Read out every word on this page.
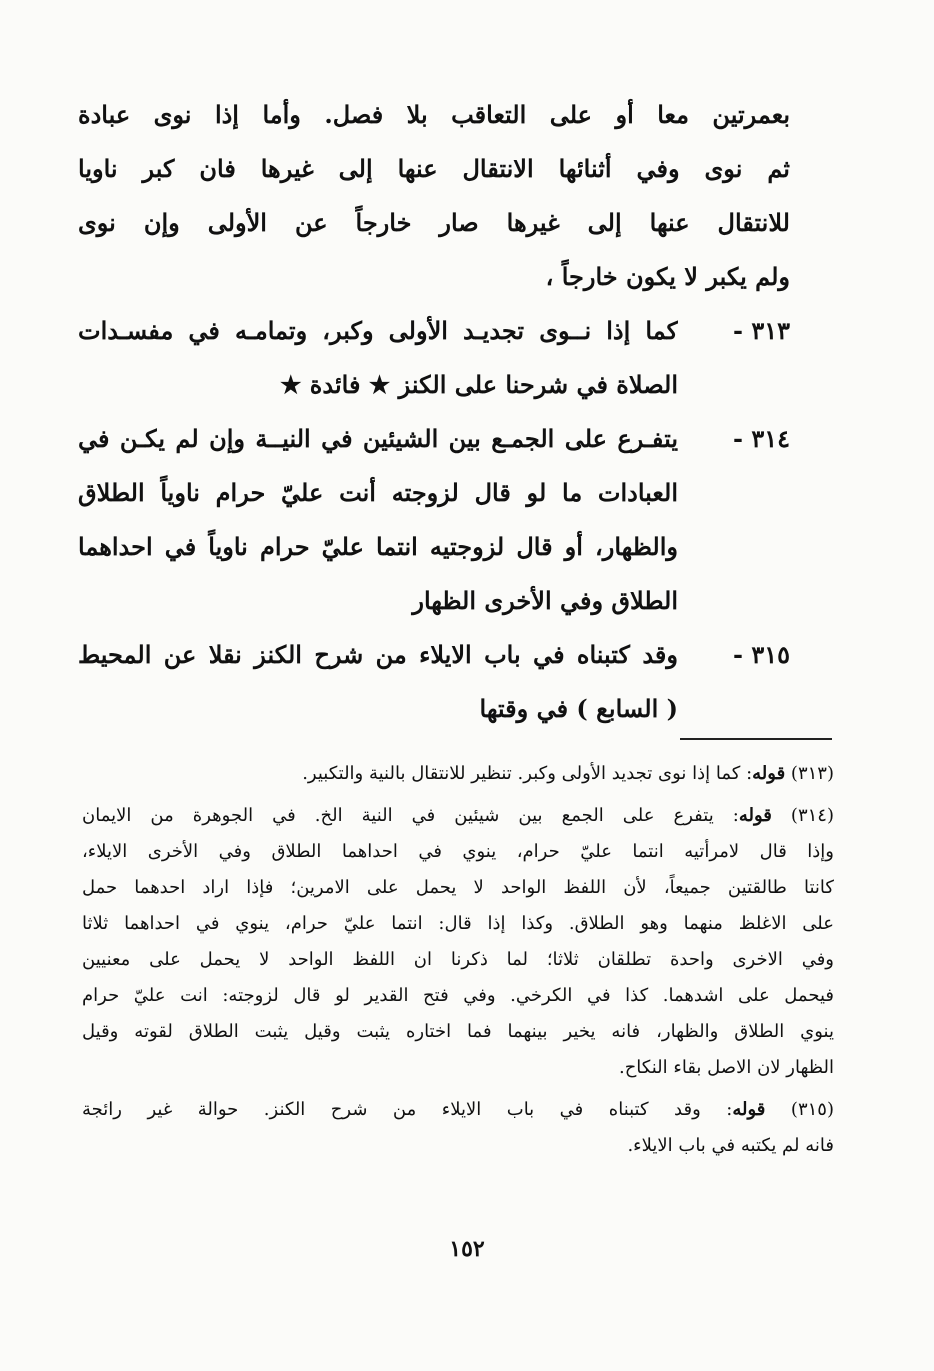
بعمرتين معا أو على التعاقب بلا فصل. وأما إذا نوى عبادة
ثم نوى وفي أثنائها الانتقال عنها إلى غيرها فان كبر ناويا
للانتقال عنها إلى غيرها صار خارجاً عن الأولى وإن نوى
ولم يكبر لا يكون خارجاً ،
٣١٣ -
كما إذا نــوى تجديـد الأولى وكبر، وتمامـه في مفسـدات
الصلاة في شرحنا على الكنز ★ فائدة ★
٣١٤ -
يتفـرع على الجمـع بين الشيئين في النيــة وإن لم يكـن في
العبادات ما لو قال لزوجته أنت عليّ حرام ناوياً الطلاق
والظهار، أو قال لزوجتيه انتما عليّ حرام ناوياً في احداهما
الطلاق وفي الأخرى الظهار
٣١٥ -
وقد كتبناه في باب الايلاء من شرح الكنز نقلا عن المحيط
( السابع ) في وقتها
(٣١٣) قوله: كما إذا نوى تجديد الأولى وكبر. تنظير للانتقال بالنية والتكبير.
(٣١٤) قوله: يتفرع على الجمع بين شيئين في النية الخ. في الجوهرة من الايمان
وإذا قال لامرأتيه انتما عليّ حرام، ينوي في احداهما الطلاق وفي الأخرى الايلاء،
كانتا طالقتين جميعاً، لأن اللفظ الواحد لا يحمل على الامرين؛ فإذا اراد احدهما حمل
على الاغلظ منهما وهو الطلاق. وكذا إذا قال: انتما عليّ حرام، ينوي في احداهما ثلاثا
وفي الاخرى واحدة تطلقان ثلاثا؛ لما ذكرنا ان اللفظ الواحد لا يحمل على معنيين
فيحمل على اشدهما. كذا في الكرخي. وفي فتح القدير لو قال لزوجته: انت عليّ حرام
ينوي الطلاق والظهار، فانه يخير بينهما فما اختاره يثبت وقيل يثبت الطلاق لقوته وقيل
الظهار لان الاصل بقاء النكاح.
(٣١٥) قوله: وقد كتبناه في باب الايلاء من شرح الكنز. حوالة غير رائجة
فانه لم يكتبه في باب الايلاء.
١٥٢
